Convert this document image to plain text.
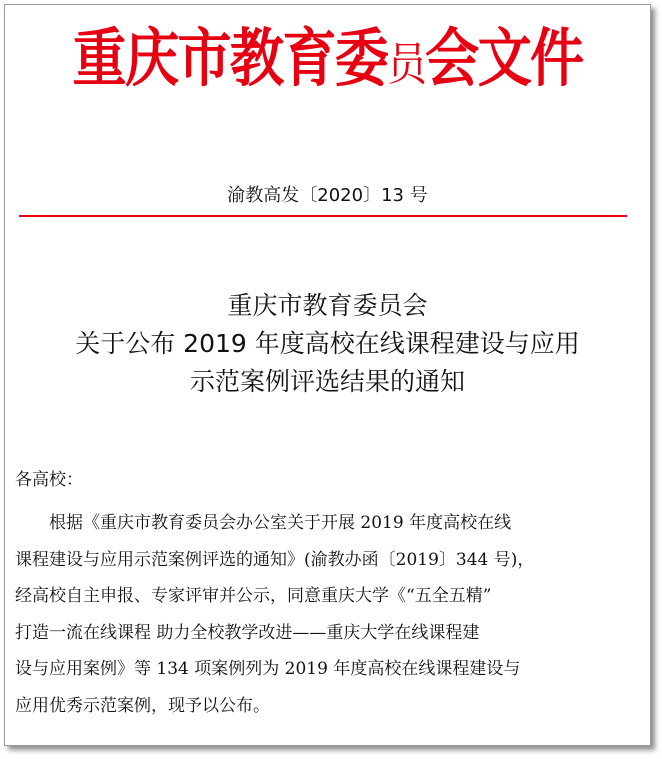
重庆市教育委员会文件
渝教高发〔2020〕13 号
重庆市教育委员会
关于公布 2019 年度高校在线课程建设与应用
示范案例评选结果的通知
各高校：
根据《重庆市教育委员会办公室关于开展 2019 年度高校在线
课程建设与应用示范案例评选的通知》(渝教办函〔2019〕344 号)，
经高校自主申报、专家评审并公示，同意重庆大学《“五全五精”
打造一流在线课程 助力全校教学改进——重庆大学在线课程建
设与应用案例》等 134 项案例列为 2019 年度高校在线课程建设与
应用优秀示范案例，现予以公布。
